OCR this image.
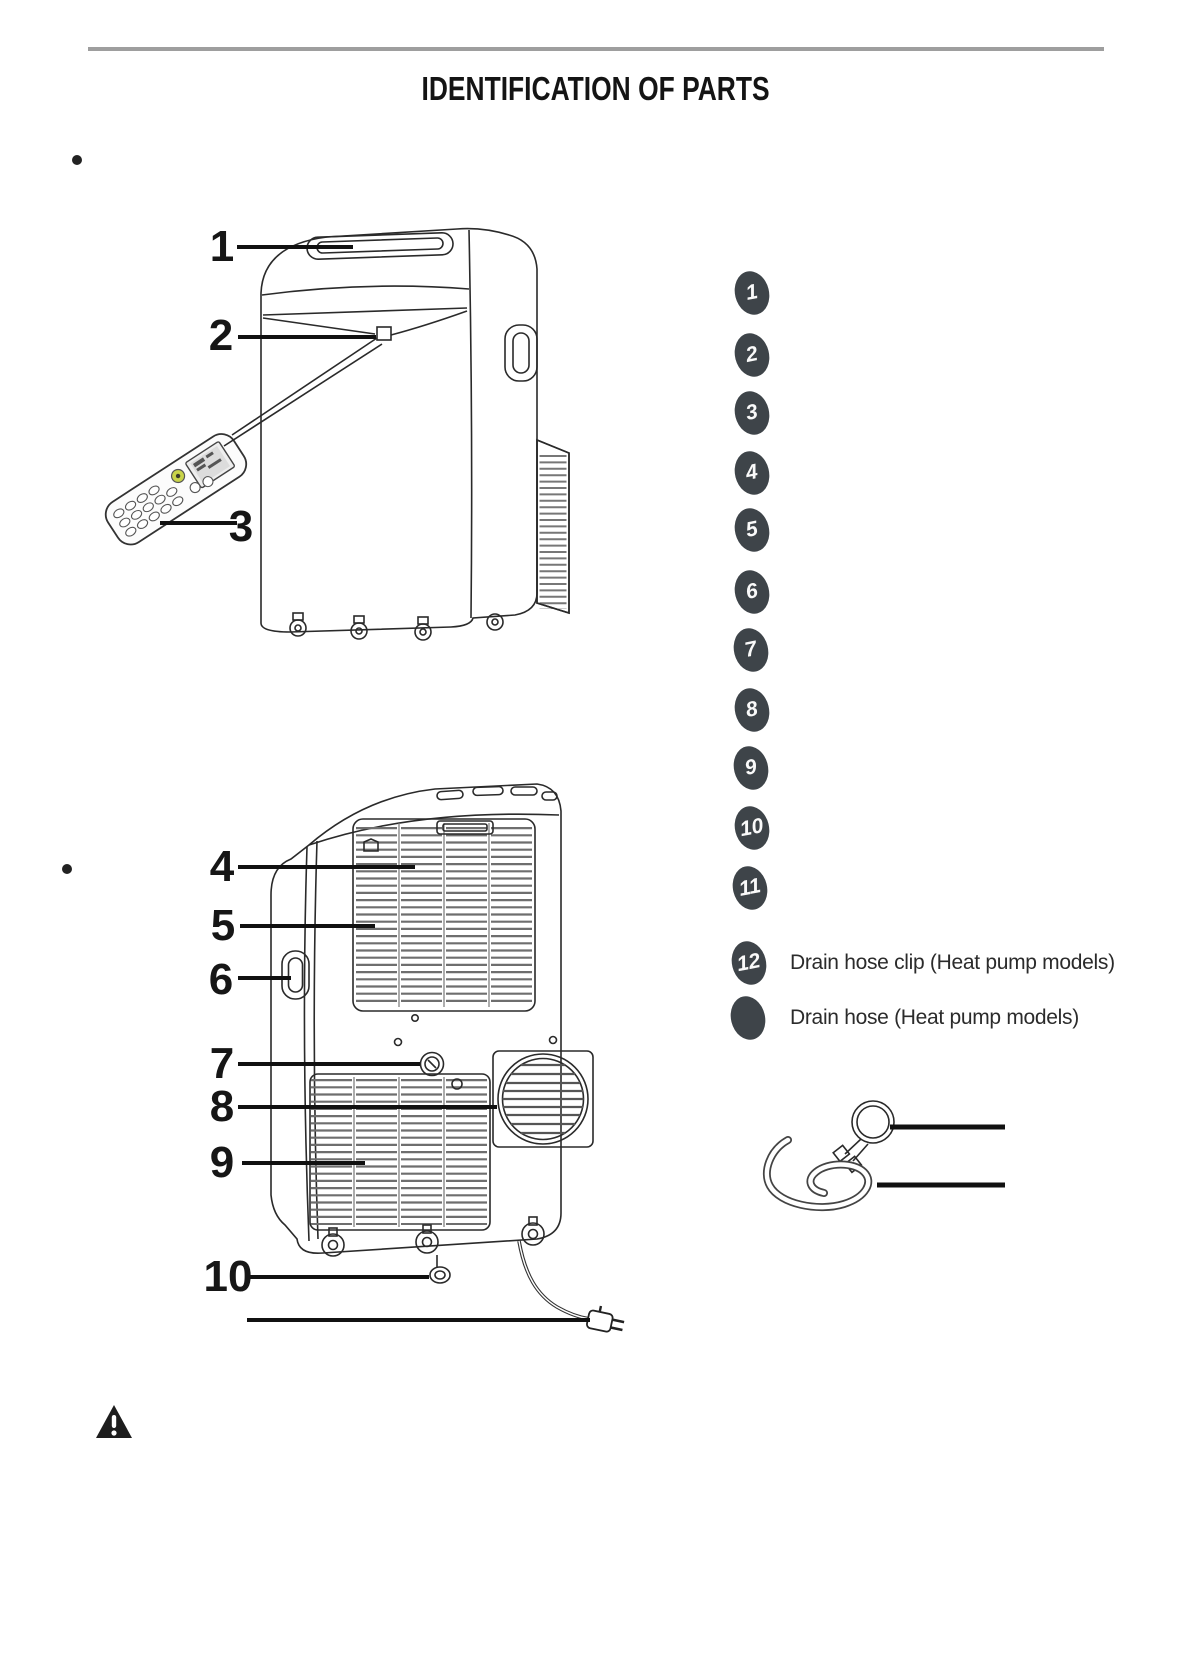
IDENTIFICATION OF PARTS
1
2
3
4
5
6
7
8
9
10
1
2
3
4
5
6
7
8
9
10
11
12 Drain hose clip (Heat pump models)
Drain hose (Heat pump models)
